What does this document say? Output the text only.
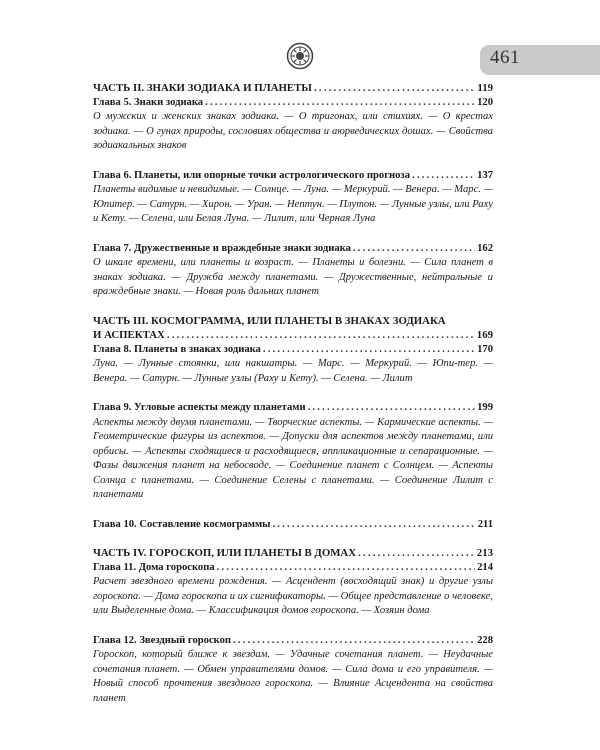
461
ЧАСТЬ II. ЗНАКИ ЗОДИАКА И ПЛАНЕТЫ .....	119
Глава 5. Знаки зодиака .....	120

О мужских и женских знаках зодиака. — О тригонах, или стихиях. — О крестах зодиака. — О гунах природы, сословиях общества и аюрведических дошах. — Свойства зодиакальных знаков

Глава 6. Планеты, или опорные точки астрологического прогноза .....	137

Планеты видимые и невидимые. — Солнце. — Луна. — Меркурий. — Венера. — Марс. — Юпитер. — Сатурн. — Хирон. — Уран. — Нептун. — Плутон. — Лунные узлы, или Раху и Кету. — Селена, или Белая Луна. — Лилит, или Черная Луна

Глава 7. Дружественные и враждебные знаки зодиака .....	162

О шкале времени, или планеты и возраст. — Планеты и болезни. — Сила планет в знаках зодиака. — Дружба между планетами. — Дружественные, нейтральные и враждебные знаки. — Новая роль дальних планет

ЧАСТЬ III. КОСМОГРАММА, ИЛИ ПЛАНЕТЫ В ЗНАКАХ ЗОДИАКА
И АСПЕКТАХ .....	169
Глава 8. Планеты в знаках зодиака .....	170

Луна. — Лунные стоянки, или накшатры. — Марс. — Меркурий. — Юпи-тер. — Венера. — Сатурн. — Лунные узлы (Раху и Кету). — Селена. — Лилит

Глава 9. Угловые аспекты между планетами .....	199

Аспекты между двумя планетами. — Творческие аспекты. — Кармические аспекты. — Геометрические фигуры из аспектов. — Допуски для аспектов между планетами, или орбисы. — Аспекты сходящиеся и расходящиеся, аппликационные и сепарационные. — Фазы движения планет на небосводе. — Соединение планет с Солнцем. — Аспекты Солнца с планетами. — Соединение Селены с планетами. — Соединение Лилит с планетами

Глава 10. Составление космограммы .....	211
ЧАСТЬ IV. ГОРОСКОП, ИЛИ ПЛАНЕТЫ В ДОМАХ .....	213
Глава 11. Дома гороскопа .....	214

Расчет звездного времени рождения. — Асцендент (восходящий знак) и другие узлы гороскопа. — Дома гороскопа и их сигнификаторы. — Общее представление о человеке, или Выделенные дома. — Классификация домов гороскопа. — Хозяин дома

Глава 12. Звездный гороскоп .....	228

Гороскоп, который ближе к звездам. — Удачные сочетания планет. — Неудачные сочетания планет. — Обмен управителями домов. — Сила дома и его управителя. — Новый способ прочтения звездного гороскопа. — Влияние Асцендента на свойства планет
